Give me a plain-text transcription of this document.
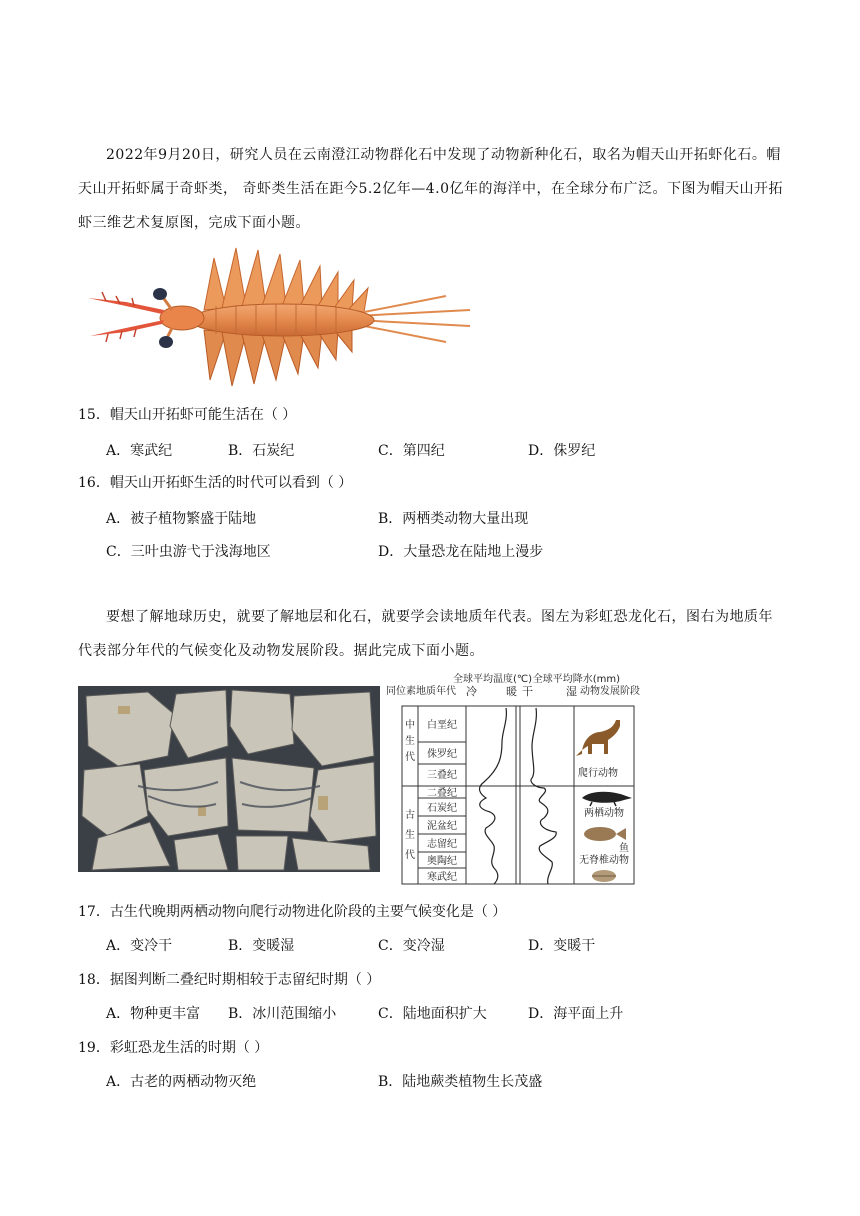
2022年9月20日，研究人员在云南澄江动物群化石中发现了动物新种化石，取名为帽天山开拓虾化石。帽天山开拓虾属于奇虾类， 奇虾类生活在距今5.2亿年—4.0亿年的海洋中，在全球分布广泛。下图为帽天山开拓虾三维艺术复原图，完成下面小题。

15．帽天山开拓虾可能生活在（ ）

A．寒武纪	B．石炭纪	C．第四纪	D．侏罗纪

16．帽天山开拓虾生活的时代可以看到（ ）

A．被子植物繁盛于陆地	B．两栖类动物大量出现
C．三叶虫游弋于浅海地区	D．大量恐龙在陆地上漫步

要想了解地球历史，就要了解地层和化石，就要学会读地质年代表。图左为彩虹恐龙化石，图右为地质年代表部分年代的气候变化及动物发展阶段。据此完成下面小题。

全球平均温度(℃) 全球平均降水(mm)
同位素地质年代	动物发展阶段
冷	暖 干	湿
中
生
代
古
生
代
白垩纪
侏罗纪
三叠纪
二叠纪
石炭纪
泥盆纪
志留纪
奥陶纪
寒武纪
爬行动物
两栖动物
鱼
无脊椎动物

17．古生代晚期两栖动物向爬行动物进化阶段的主要气候变化是（ ）

A．变冷干	B．变暖湿	C．变冷湿	D．变暖干

18．据图判断二叠纪时期相较于志留纪时期（ ）

A．物种更丰富 B．冰川范围缩小	C．陆地面积扩大	D．海平面上升

19．彩虹恐龙生活的时期（ ）

A．古老的两栖动物灭绝	B．陆地蕨类植物生长茂盛
